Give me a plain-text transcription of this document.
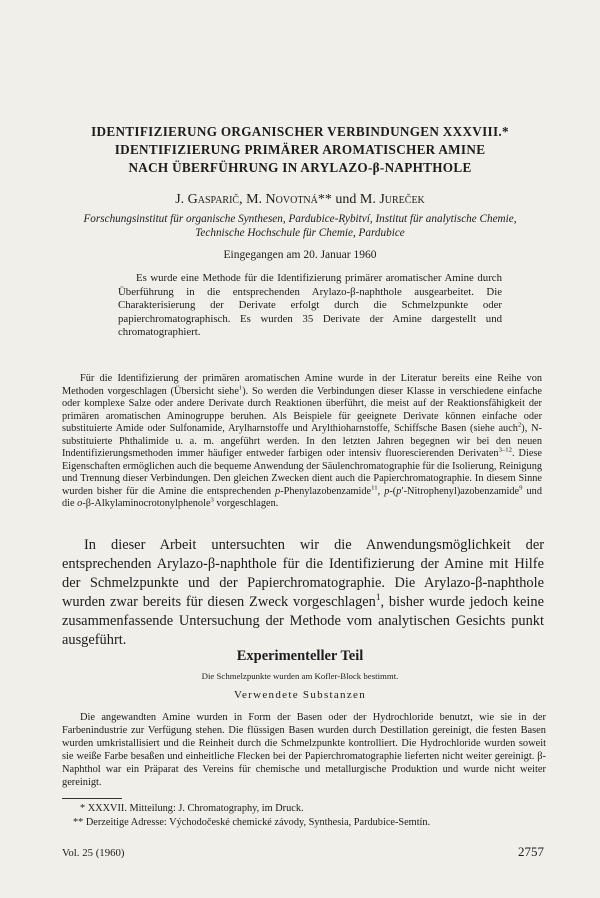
IDENTIFIZIERUNG ORGANISCHER VERBINDUNGEN XXXVIII.*
IDENTIFIZIERUNG PRIMÄRER AROMATISCHER AMINE
NACH ÜBERFÜHRUNG IN ARYLAZO-β-NAPHTHOLE
J. Gasparič, M. Novotná** und M. Jureček
Forschungsinstitut für organische Synthesen, Pardubice-Rybitví, Institut für analytische Chemie,
Technische Hochschule für Chemie, Pardubice
Eingegangen am 20. Januar 1960

Es wurde eine Methode für die Identifizierung primärer aromatischer Amine durch Überführung in die entsprechenden Arylazo-β-naphthole ausgearbeitet. Die Charakterisierung der Derivate erfolgt durch die Schmelzpunkte oder papierchromatographisch. Es wurden 35 Derivate der Amine dargestellt und chromatographiert.

Für die Identifizierung der primären aromatischen Amine wurde in der Literatur bereits eine Reihe von Methoden vorgeschlagen (Übersicht siehe$^1$). So werden die Verbindungen dieser Klasse in verschiedene einfache oder komplexe Salze oder andere Derivate durch Reaktionen überführt, die meist auf der Reaktionsfähigkeit der primären aromatischen Aminogruppe beruhen. Als Beispiele für geeignete Derivate können einfache oder substituierte Amide oder Sulfonamide, Arylharnstoffe und Arylthioharnstoffe, Schiffsche Basen (siehe auch$^2$), N-substituierte Phthalimide u. a. m. angeführt werden. In den letzten Jahren begegnen wir bei den neuen Indentifizierungsmethoden immer häufiger entweder farbigen oder intensiv fluorescierenden Derivaten$^{3-12}$. Diese Eigenschaften ermöglichen auch die bequeme Anwendung der Säulenchromatographie für die Isolierung, Reinigung und Trennung dieser Verbindungen. Den gleichen Zwecken dient auch die Papierchromatographie. In diesem Sinne wurden bisher für die Amine die entsprechenden p-Phenylazobenzamide$^{11}$, p-(p′-Nitrophenyl)azobenzamide$^9$ und die o-β-Alkylaminocrotonylphenole$^3$ vorgeschlagen.

In dieser Arbeit untersuchten wir die Anwendungsmöglichkeit der entsprechenden Arylazo-β-naphthole für die Identifizierung der Amine mit Hilfe der Schmelzpunkte und der Papierchromatographie. Die Arylazo-β-naphthole wurden zwar bereits für diesen Zweck vorgeschlagen$^1$, bisher wurde jedoch keine zusammenfassende Untersuchung der Methode vom analytischen Gesichts punkt ausgeführt.

Experimenteller Teil
Die Schmelzpunkte wurden am Kofler-Block bestimmt.
Verwendete Substanzen

Die angewandten Amine wurden in Form der Basen oder der Hydrochloride benutzt, wie sie in der Farbenindustrie zur Verfügung stehen. Die flüssigen Basen wurden durch Destillation gereinigt, die festen Basen wurden umkristallisiert und die Reinheit durch die Schmelzpunkte kontrolliert. Die Hydrochloride wurden soweit sie weiße Farbe besaßen und einheitliche Flecken bei der Papierchromatographie lieferten nicht weiter gereinigt. β-Naphthol war ein Präparat des Vereins für chemische und metallurgische Produktion und wurde nicht weiter gereinigt.

* XXXVII. Mitteilung: J. Chromatography, im Druck.
** Derzeitige Adresse: Východočeské chemické závody, Synthesia, Pardubice-Semtín.
Vol. 25 (1960)	2757
